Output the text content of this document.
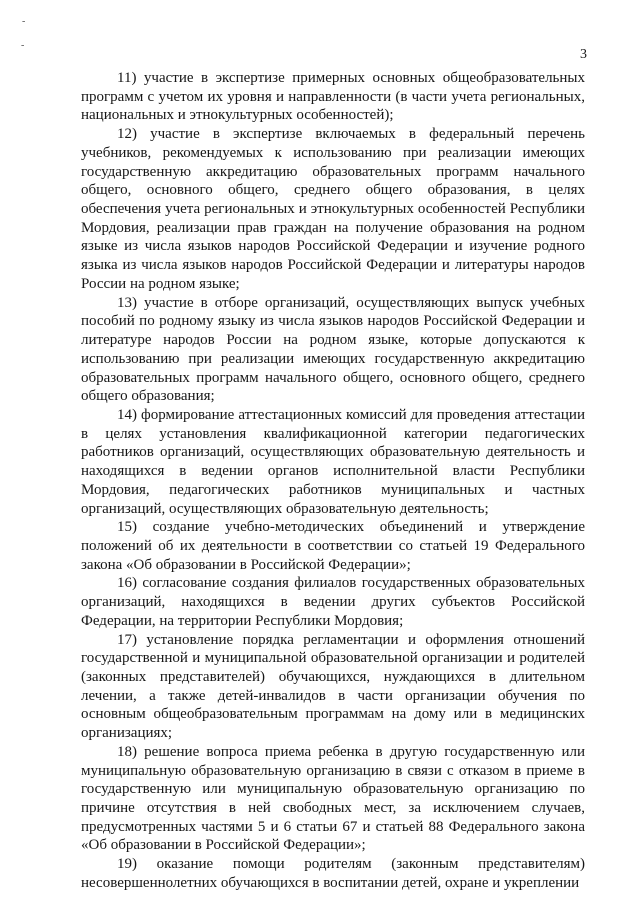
-
-
3

11) участие в экспертизе примерных основных общеобразовательных программ с учетом их уровня и направленности (в части учета региональных, национальных и этнокультурных особенностей);

12) участие в экспертизе включаемых в федеральный перечень учебников, рекомендуемых к использованию при реализации имеющих государственную аккредитацию образовательных программ начального общего, основного общего, среднего общего образования, в целях обеспечения учета региональных и этнокультурных особенностей Республики Мордовия, реализации прав граждан на получение образования на родном языке из числа языков народов Российской Федерации и изучение родного языка из числа языков народов Российской Федерации и литературы народов России на родном языке;

13) участие в отборе организаций, осуществляющих выпуск учебных пособий по родному языку из числа языков народов Российской Федерации и литературе народов России на родном языке, которые допускаются к использованию при реализации имеющих государственную аккредитацию образовательных программ начального общего, основного общего, среднего общего образования;

14) формирование аттестационных комиссий для проведения аттестации в целях установления квалификационной категории педагогических работников организаций, осуществляющих образовательную деятельность и находящихся в ведении органов исполнительной власти Республики Мордовия, педагогических работников муниципальных и частных организаций, осуществляющих образовательную деятельность;

15) создание учебно-методических объединений и утверждение положений об их деятельности в соответствии со статьей 19 Федерального закона «Об образовании в Российской Федерации»;

16) согласование создания филиалов государственных образовательных организаций, находящихся в ведении других субъектов Российской Федерации, на территории Республики Мордовия;

17) установление порядка регламентации и оформления отношений государственной и муниципальной образовательной организации и родителей (законных представителей) обучающихся, нуждающихся в длительном лечении, а также детей-инвалидов в части организации обучения по основным общеобразовательным программам на дому или в медицинских организациях;

18) решение вопроса приема ребенка в другую государственную или муниципальную образовательную организацию в связи с отказом в приеме в государственную или муниципальную образовательную организацию по причине отсутствия в ней свободных мест, за исключением случаев, предусмотренных частями 5 и 6 статьи 67 и статьей 88 Федерального закона «Об образовании в Российской Федерации»;

19) оказание помощи родителям (законным представителям) несовершеннолетних обучающихся в воспитании детей, охране и укреплении
